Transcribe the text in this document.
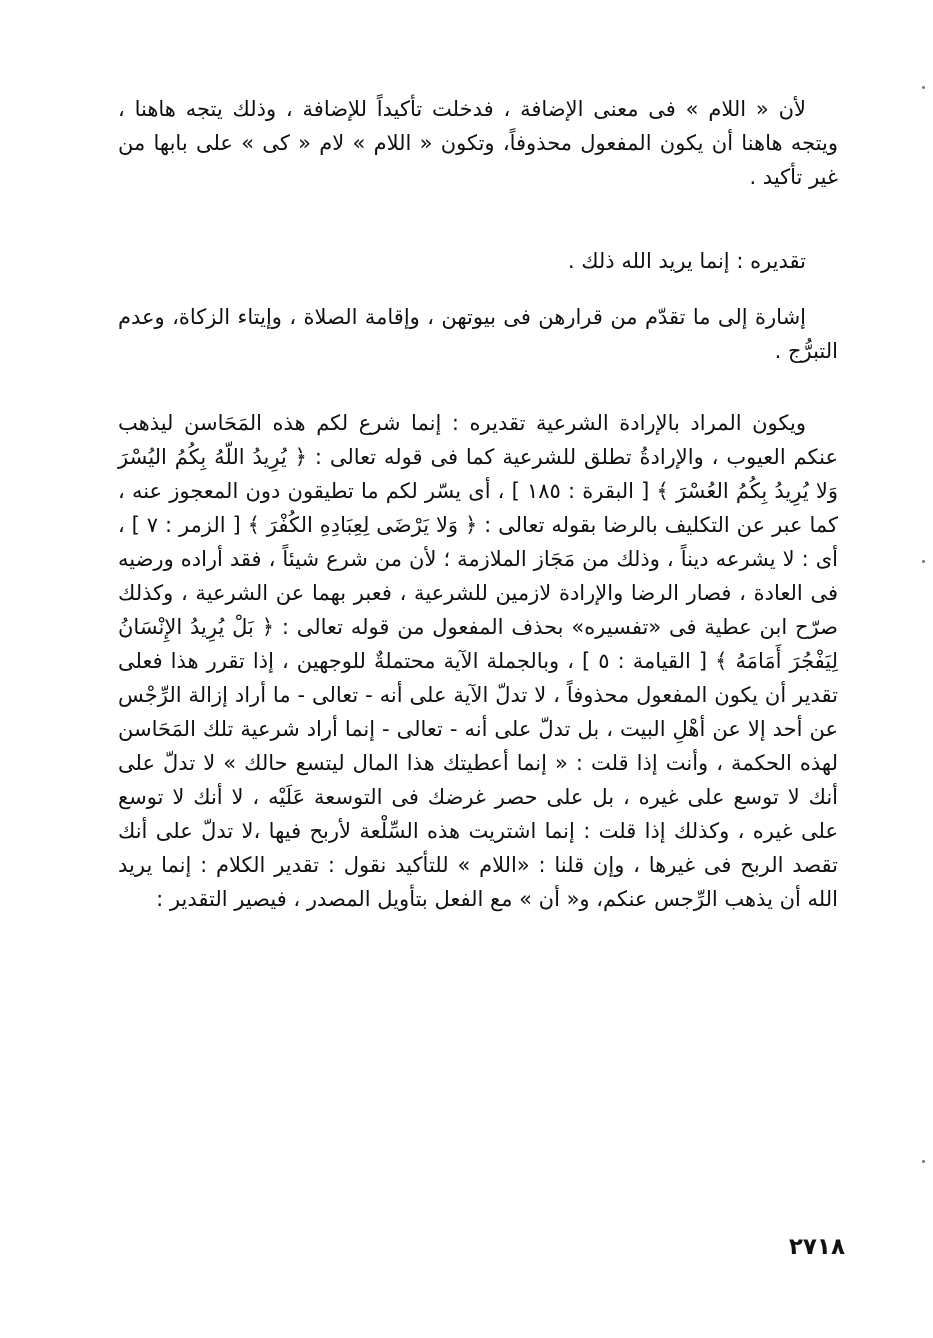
لأن « اللام » فى معنى الإضافة ، فدخلت تأكيداً للإضافة ، وذلك يتجه هاهنا ، ويتجه هاهنا أن يكون المفعول محذوفاً، وتكون « اللام » لام « كى » على بابها من غير تأكيد .

تقديره : إنما يريد الله ذلك .

إشارة إلى ما تقدّم من قرارهن فى بيوتهن ، وإقامة الصلاة ، وإيتاء الزكاة، وعدم التبرُّج .

ويكون المراد بالإرادة الشرعية تقديره : إنما شرع لكم هذه المَحَاسن ليذهب عنكم العيوب ، والإرادةُ تطلق للشرعية كما فى قوله تعالى : ﴿ يُرِيدُ اللّهُ بِكُمُ اليُسْرَ وَلا يُرِيدُ بِكُمُ العُسْرَ ﴾ [ البقرة : ١٨٥ ] ، أى يسّر لكم ما تطيقون دون المعجوز عنه ، كما عبر عن التكليف بالرضا بقوله تعالى : ﴿ وَلا يَرْضَى لِعِبَادِهِ الكُفْرَ ﴾ [ الزمر : ٧ ] ، أى : لا يشرعه ديناً ، وذلك من مَجَاز الملازمة ؛ لأن من شرع شيئاً ، فقد أراده ورضيه فى العادة ، فصار الرضا والإرادة لازمين للشرعية ، فعبر بهما عن الشرعية ، وكذلك صرّح ابن عطية فى «تفسيره» بحذف المفعول من قوله تعالى : ﴿ بَلْ يُرِيدُ الإِنْسَانُ لِيَفْجُرَ أَمَامَهُ ﴾ [ القيامة : ٥ ] ، وبالجملة الآية محتملةٌ للوجهين ، إذا تقرر هذا فعلى تقدير أن يكون المفعول محذوفاً ، لا تدلّ الآية على أنه - تعالى - ما أراد إزالة الرِّجْس عن أحد إلا عن أهْلِ البيت ، بل تدلّ على أنه - تعالى - إنما أراد شرعية تلك المَحَاسن لهذه الحكمة ، وأنت إذا قلت : « إنما أعطيتك هذا المال ليتسع حالك » لا تدلّ على أنك لا توسع على غيره ، بل على حصر غرضك فى التوسعة عَلَيْه ، لا أنك لا توسع على غيره ، وكذلك إذا قلت : إنما اشتريت هذه السِّلْعة لأربح فيها ،لا تدلّ على أنك تقصد الربح فى غيرها ، وإن قلنا : «اللام » للتأكيد نقول : تقدير الكلام : إنما يريد الله أن يذهب الرِّجس عنكم، و« أن » مع الفعل بتأويل المصدر ، فيصير التقدير :

٢٧١٨
